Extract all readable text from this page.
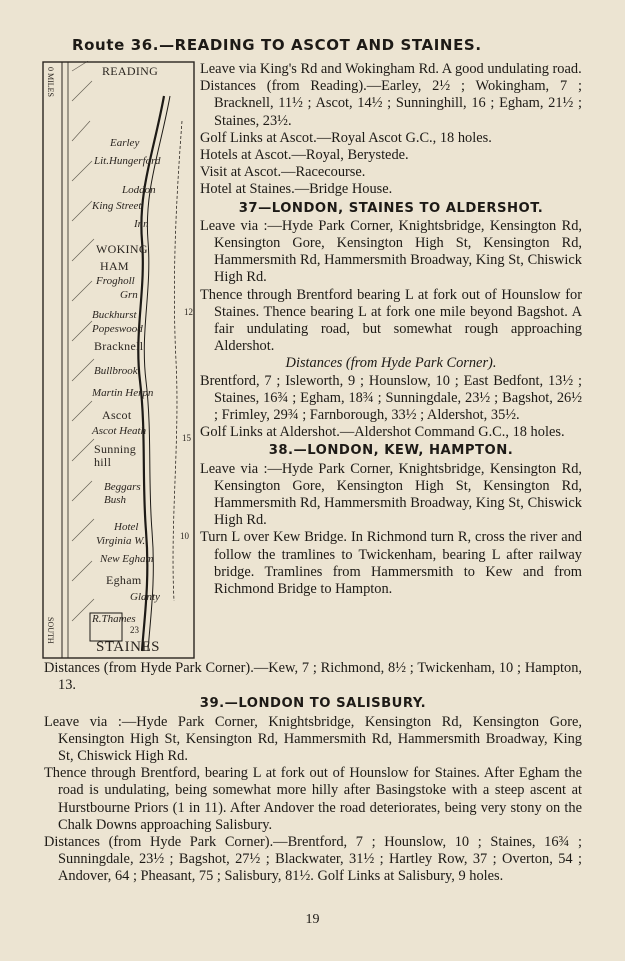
Route 36.—READING TO ASCOT AND STAINES.
READING
Earley
Lit.Hungerford
Loddon
King Street
Inn
WOKING
HAM
Frogholl
Grn
Buckhurst
Popeswood
Bracknell
Bullbrook
Martin Herpn
Ascot
Ascot Heath
Sunning hill
Beggars Bush
Hotel
Virginia W.
New Egham
Egham
Glanty
R.Thames
STAINES
0 MILES
SOUTH
12
15
10
23

Leave via King's Rd and Wokingham Rd. A good undulating road.

Distances (from Reading).—Earley, 2½ ; Wokingham, 7 ; Bracknell, 11½ ; Ascot, 14½ ; Sunninghill, 16 ; Egham, 21½ ; Staines, 23½.

Golf Links at Ascot.—Royal Ascot G.C., 18 holes.

Hotels at Ascot.—Royal, Berystede.

Visit at Ascot.—Racecourse.

Hotel at Staines.—Bridge House.

37—LONDON, STAINES TO ALDERSHOT.

Leave via :—Hyde Park Corner, Knightsbridge, Kensington Rd, Kensington Gore, Kensington High St, Kensington Rd, Hammersmith Rd, Hammersmith Broadway, King St, Chiswick High Rd.

Thence through Brentford bearing L at fork out of Hounslow for Staines. Thence bearing L at fork one mile beyond Bagshot. A fair undulating road, but somewhat rough approaching Aldershot.

Distances (from Hyde Park Corner).

Brentford, 7 ; Isleworth, 9 ; Hounslow, 10 ; East Bedfont, 13½ ; Staines, 16¾ ; Egham, 18¾ ; Sunningdale, 23½ ; Bagshot, 26½ ; Frimley, 29¾ ; Farnborough, 33½ ; Aldershot, 35½.

Golf Links at Aldershot.—Aldershot Command G.C., 18 holes.

38.—LONDON, KEW, HAMPTON.

Leave via :—Hyde Park Corner, Knightsbridge, Kensington Rd, Kensington Gore, Kensington High St, Kensington Rd, Hammersmith Rd, Hammersmith Broadway, King St, Chiswick High Rd.

Turn L over Kew Bridge. In Richmond turn R, cross the river and follow the tramlines to Twickenham, bearing L after railway bridge. Tramlines from Hammersmith to Kew and from Richmond Bridge to Hampton.

Distances (from Hyde Park Corner).—Kew, 7 ; Richmond, 8½ ; Twickenham, 10 ; Hampton, 13.

39.—LONDON TO SALISBURY.

Leave via :—Hyde Park Corner, Knightsbridge, Kensington Rd, Kensington Gore, Kensington High St, Kensington Rd, Hammersmith Rd, Hammersmith Broadway, King St, Chiswick High Rd.

Thence through Brentford, bearing L at fork out of Hounslow for Staines. After Egham the road is undulating, being somewhat more hilly after Basingstoke with a steep ascent at Hurstbourne Priors (1 in 11). After Andover the road deteriorates, being very stony on the Chalk Downs approaching Salisbury.

Distances (from Hyde Park Corner).—Brentford, 7 ; Hounslow, 10 ; Staines, 16¾ ; Sunningdale, 23½ ; Bagshot, 27½ ; Blackwater, 31½ ; Hartley Row, 37 ; Overton, 54 ; Andover, 64 ; Pheasant, 75 ; Salisbury, 81½. Golf Links at Salisbury, 9 holes.

19
